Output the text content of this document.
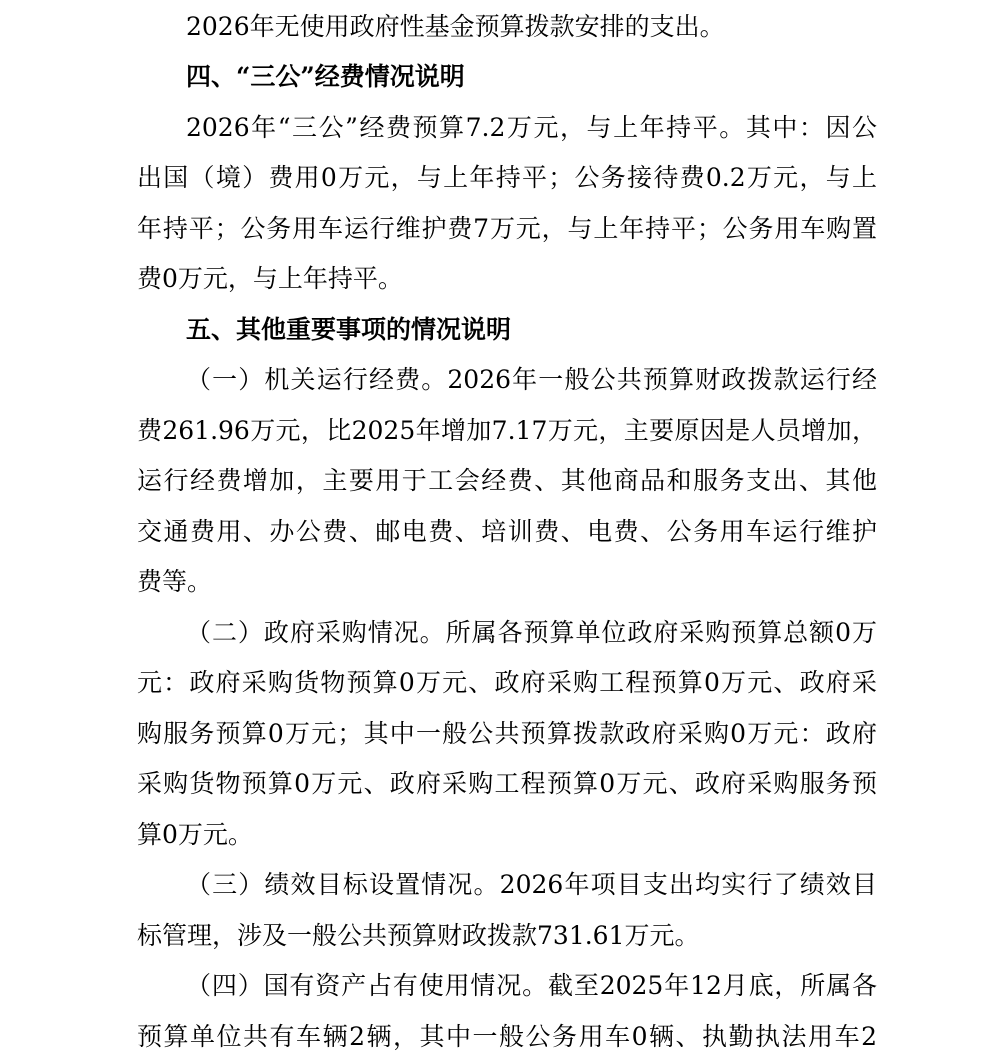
2026年无使用政府性基金预算拨款安排的支出。
四、“三公”经费情况说明
2026年“三公”经费预算7.2万元，与上年持平。其中：因公
出国（境）费用0万元，与上年持平；公务接待费0.2万元，与上
年持平；公务用车运行维护费7万元，与上年持平；公务用车购置
费0万元，与上年持平。
五、其他重要事项的情况说明
（一）机关运行经费。2026年一般公共预算财政拨款运行经
费261.96万元，比2025年增加7.17万元，主要原因是人员增加，
运行经费增加，主要用于工会经费、其他商品和服务支出、其他
交通费用、办公费、邮电费、培训费、电费、公务用车运行维护
费等。
（二）政府采购情况。所属各预算单位政府采购预算总额0万
元：政府采购货物预算0万元、政府采购工程预算0万元、政府采
购服务预算0万元；其中一般公共预算拨款政府采购0万元：政府
采购货物预算0万元、政府采购工程预算0万元、政府采购服务预
算0万元。
（三）绩效目标设置情况。2026年项目支出均实行了绩效目
标管理，涉及一般公共预算财政拨款731.61万元。
（四）国有资产占有使用情况。截至2025年12月底，所属各
预算单位共有车辆2辆，其中一般公务用车0辆、执勤执法用车2
